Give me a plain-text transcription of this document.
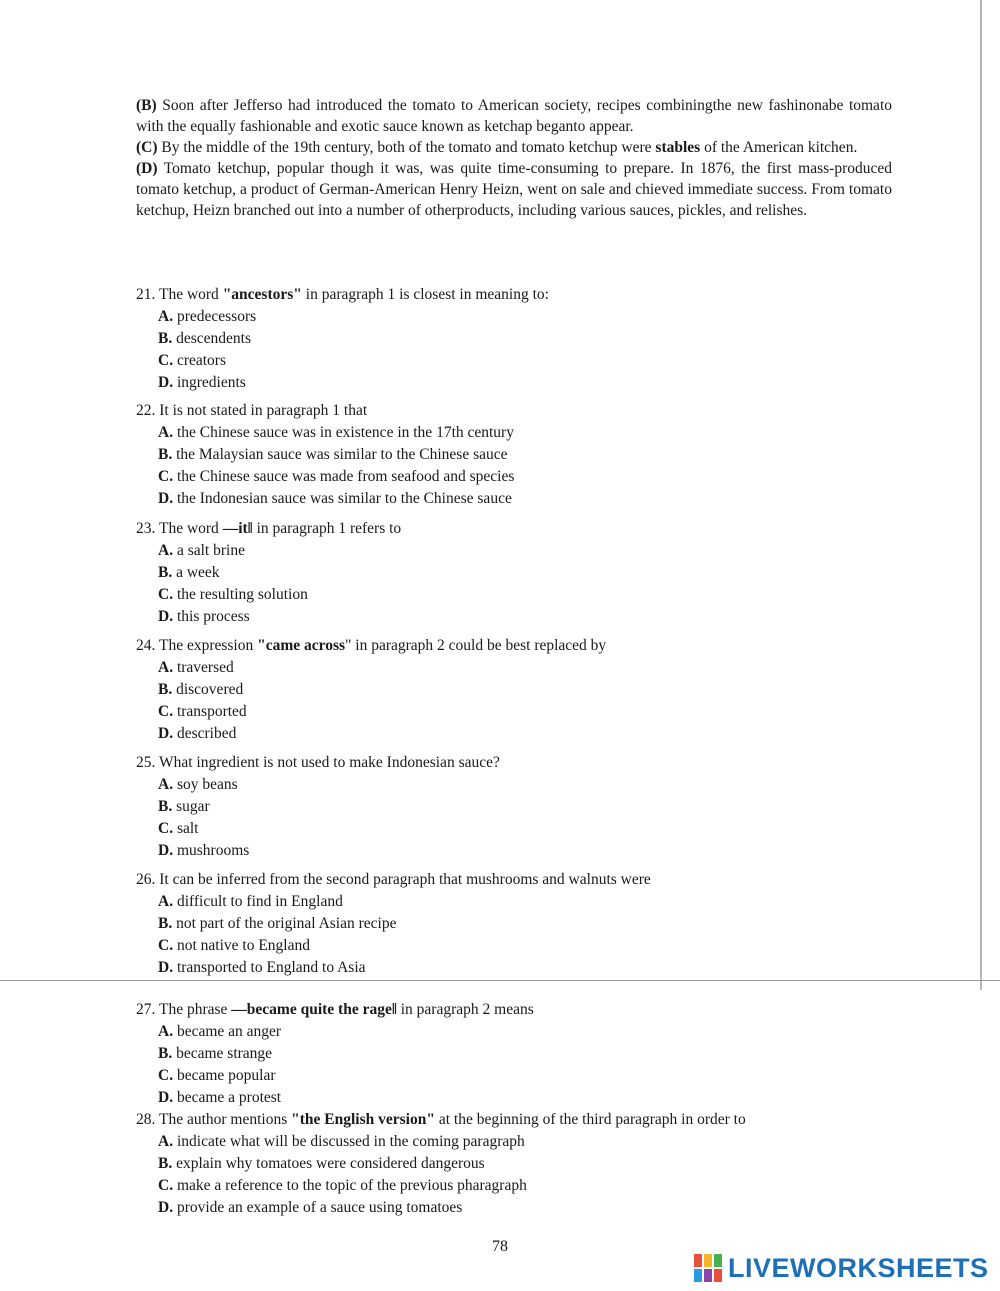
(B) Soon after Jefferso had introduced the tomato to American society, recipes combiningthe new fashinonabe tomato with the equally fashionable and exotic sauce known as ketchap beganto appear.

(C) By the middle of the 19th century, both of the tomato and tomato ketchup were stables of the American kitchen.

(D) Tomato ketchup, popular though it was, was quite time-consuming to prepare. In 1876, the first mass-produced tomato ketchup, a product of German-American Henry Heizn, went on sale and chieved immediate success. From tomato ketchup, Heizn branched out into a number of otherproducts, including various sauces, pickles, and relishes.

21. The word "ancestors" in paragraph 1 is closest in meaning to:

A. predecessors

B. descendents

C. creators

D. ingredients

22. It is not stated in paragraph 1 that

A. the Chinese sauce was in existence in the 17th century

B. the Malaysian sauce was similar to the Chinese sauce

C. the Chinese sauce was made from seafood and species

D. the Indonesian sauce was similar to the Chinese sauce

23. The word —it‖ in paragraph 1 refers to

A. a salt brine

B. a week

C. the resulting solution

D. this process

24. The expression "came across" in paragraph 2 could be best replaced by

A. traversed

B. discovered

C. transported

D. described

25. What ingredient is not used to make Indonesian sauce?

A. soy beans

B. sugar

C. salt

D. mushrooms

26. It can be inferred from the second paragraph that mushrooms and walnuts were

A. difficult to find in England

B. not part of the original Asian recipe

C. not native to England

D. transported to England to Asia

27. The phrase —became quite the rage‖ in paragraph 2 means

A. became an anger

B. became strange

C. became popular

D. became a protest

28. The author mentions "the English version" at the beginning of the third paragraph in order to

A. indicate what will be discussed in the coming paragraph

B. explain why tomatoes were considered dangerous

C. make a reference to the topic of the previous pharagraph

D. provide an example of a sauce using tomatoes

78
LIVEWORKSHEETS
